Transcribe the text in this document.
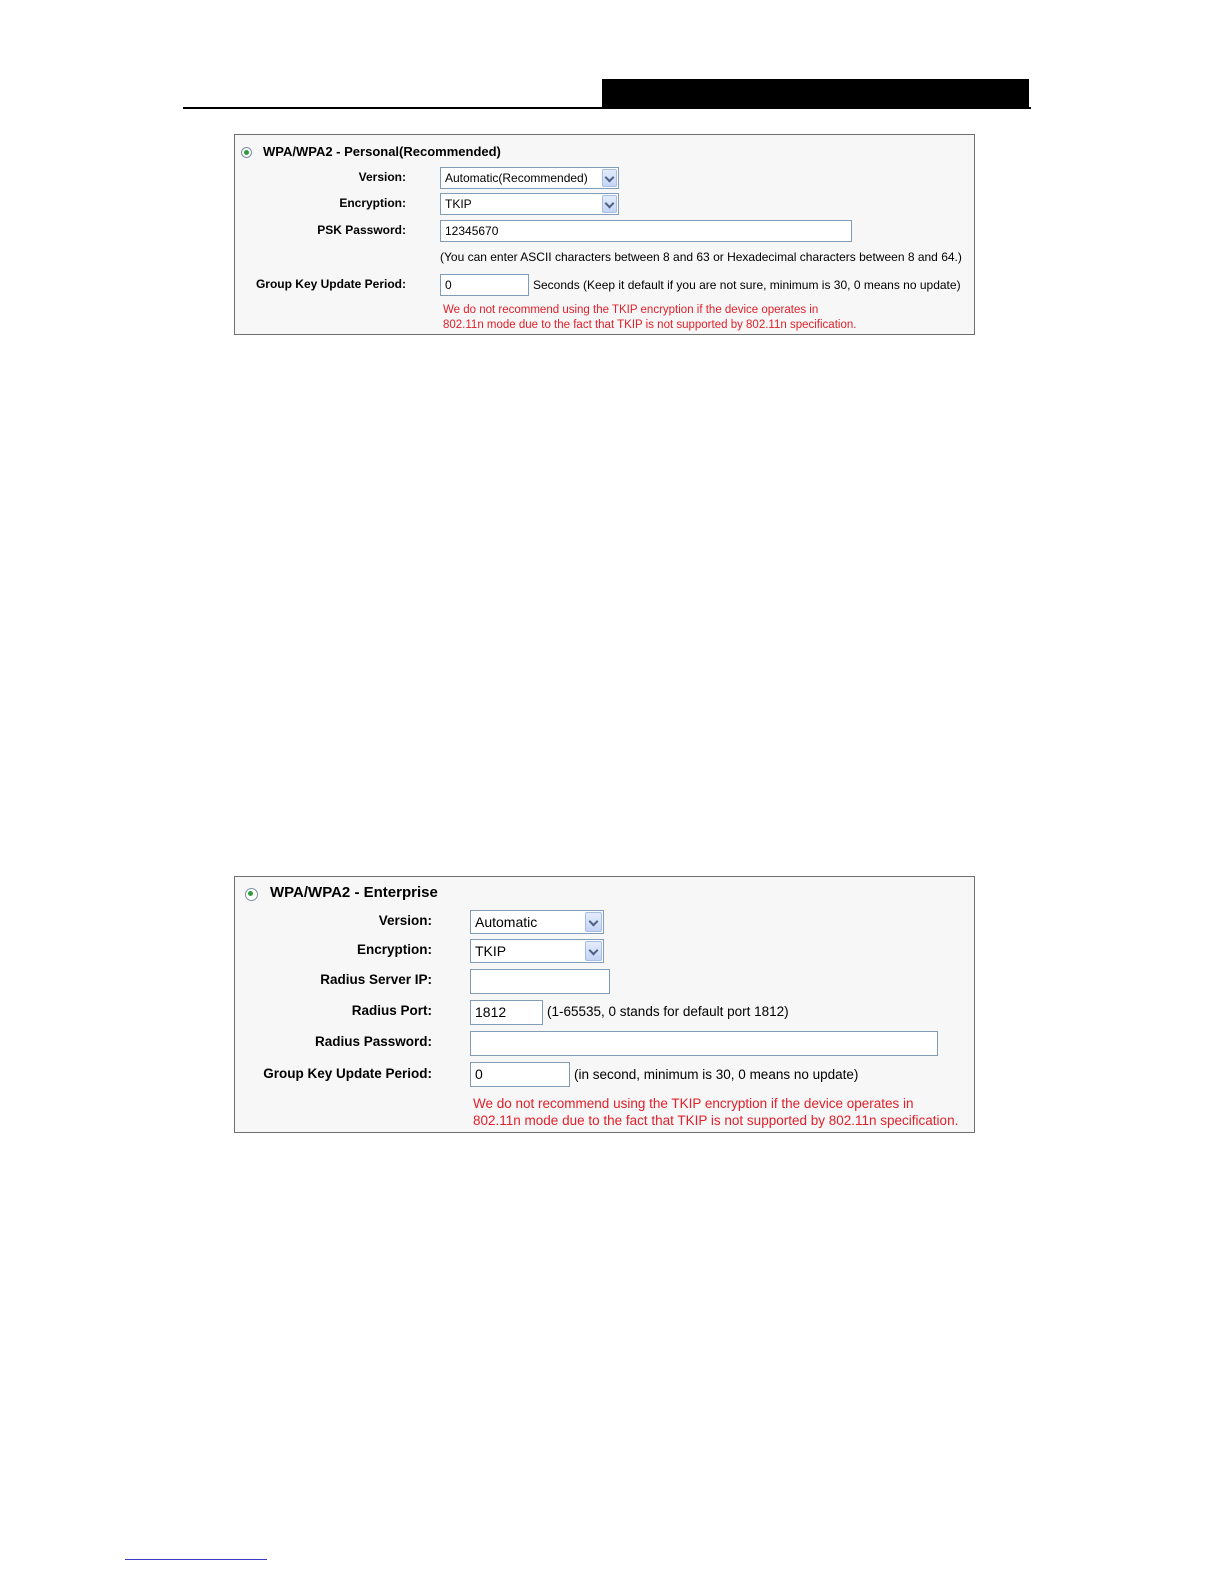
WPA/WPA2 - Personal(Recommended)
Version:	Automatic(Recommended)
Encryption:	TKIP
PSK Password:	12345670
(You can enter ASCII characters between 8 and 63 or Hexadecimal characters between 8 and 64.)
Group Key Update Period:	0	Seconds (Keep it default if you are not sure, minimum is 30, 0 means no update)
We do not recommend using the TKIP encryption if the device operates in
802.11n mode due to the fact that TKIP is not supported by 802.11n specification.
WPA/WPA2 - Enterprise
Version:	Automatic
Encryption:	TKIP
Radius Server IP:
Radius Port:	1812	(1-65535, 0 stands for default port 1812)
Radius Password:
Group Key Update Period:	0	(in second, minimum is 30, 0 means no update)
We do not recommend using the TKIP encryption if the device operates in
802.11n mode due to the fact that TKIP is not supported by 802.11n specification.
